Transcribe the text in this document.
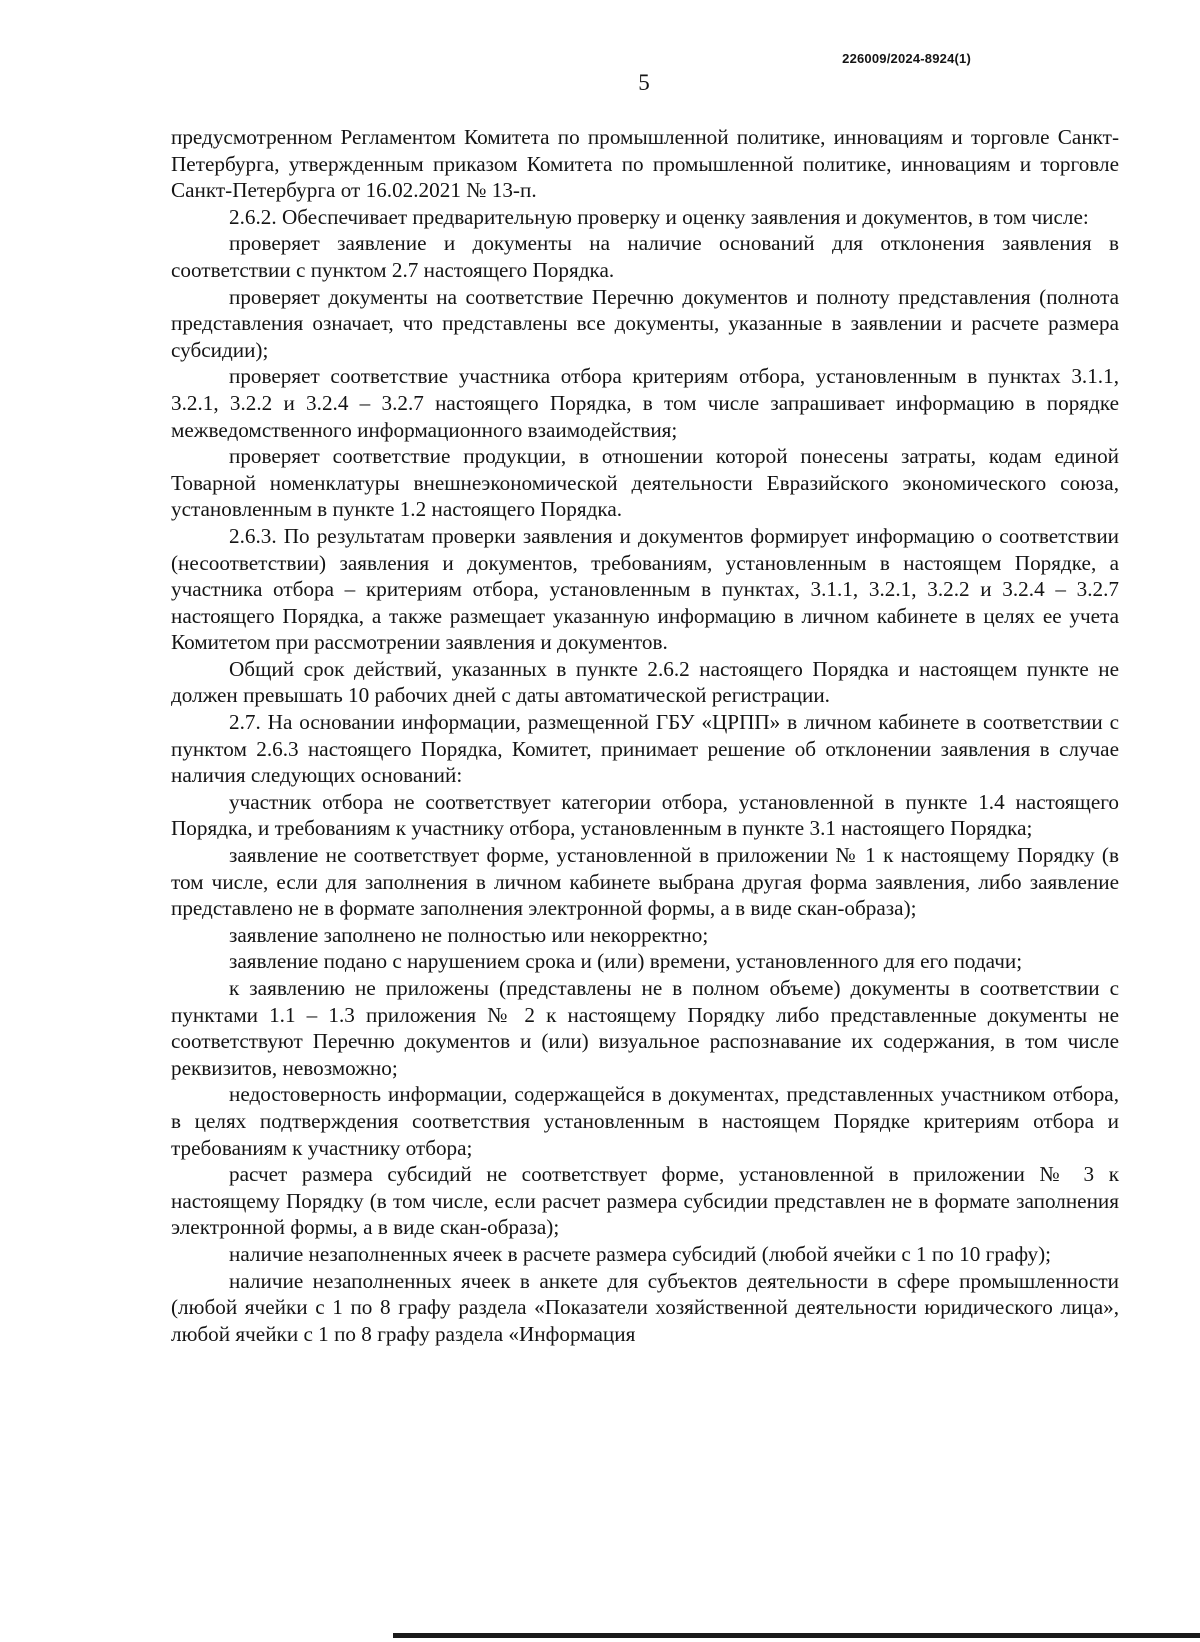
226009/2024-8924(1)

5

предусмотренном Регламентом Комитета по промышленной политике, инновациям и торговле Санкт-Петербурга, утвержденным приказом Комитета по промышленной политике, инновациям и торговле Санкт-Петербурга от 16.02.2021 № 13-п.

2.6.2. Обеспечивает предварительную проверку и оценку заявления и документов, в том числе:

проверяет заявление и документы на наличие оснований для отклонения заявления в соответствии с пунктом 2.7 настоящего Порядка.

проверяет документы на соответствие Перечню документов и полноту представления (полнота представления означает, что представлены все документы, указанные в заявлении и расчете размера субсидии);

проверяет соответствие участника отбора критериям отбора, установленным в пунктах 3.1.1, 3.2.1, 3.2.2 и 3.2.4 – 3.2.7 настоящего Порядка, в том числе запрашивает информацию в порядке межведомственного информационного взаимодействия;

проверяет соответствие продукции, в отношении которой понесены затраты, кодам единой Товарной номенклатуры внешнеэкономической деятельности Евразийского экономического союза, установленным в пункте 1.2 настоящего Порядка.

2.6.3. По результатам проверки заявления и документов формирует информацию о соответствии (несоответствии) заявления и документов, требованиям, установленным в настоящем Порядке, а участника отбора – критериям отбора, установленным в пунктах, 3.1.1, 3.2.1, 3.2.2 и 3.2.4 – 3.2.7 настоящего Порядка, а также размещает указанную информацию в личном кабинете в целях ее учета Комитетом при рассмотрении заявления и документов.

Общий срок действий, указанных в пункте 2.6.2 настоящего Порядка и настоящем пункте не должен превышать 10 рабочих дней с даты автоматической регистрации.

2.7. На основании информации, размещенной ГБУ «ЦРПП» в личном кабинете в соответствии с пунктом 2.6.3 настоящего Порядка, Комитет, принимает решение об отклонении заявления в случае наличия следующих оснований:

участник отбора не соответствует категории отбора, установленной в пункте 1.4 настоящего Порядка, и требованиям к участнику отбора, установленным в пункте 3.1 настоящего Порядка;

заявление не соответствует форме, установленной в приложении № 1 к настоящему Порядку (в том числе, если для заполнения в личном кабинете выбрана другая форма заявления, либо заявление представлено не в формате заполнения электронной формы, а в виде скан-образа);

заявление заполнено не полностью или некорректно;

заявление подано с нарушением срока и (или) времени, установленного для его подачи;

к заявлению не приложены (представлены не в полном объеме) документы в соответствии с пунктами 1.1 – 1.3 приложения № 2 к настоящему Порядку либо представленные документы не соответствуют Перечню документов и (или) визуальное распознавание их содержания, в том числе реквизитов, невозможно;

недостоверность информации, содержащейся в документах, представленных участником отбора, в целях подтверждения соответствия установленным в настоящем Порядке критериям отбора и требованиям к участнику отбора;

расчет размера субсидий не соответствует форме, установленной в приложении № 3 к настоящему Порядку (в том числе, если расчет размера субсидии представлен не в формате заполнения электронной формы, а в виде скан-образа);

наличие незаполненных ячеек в расчете размера субсидий (любой ячейки с 1 по 10 графу);

наличие незаполненных ячеек в анкете для субъектов деятельности в сфере промышленности (любой ячейки с 1 по 8 графу раздела «Показатели хозяйственной деятельности юридического лица», любой ячейки с 1 по 8 графу раздела «Информация
